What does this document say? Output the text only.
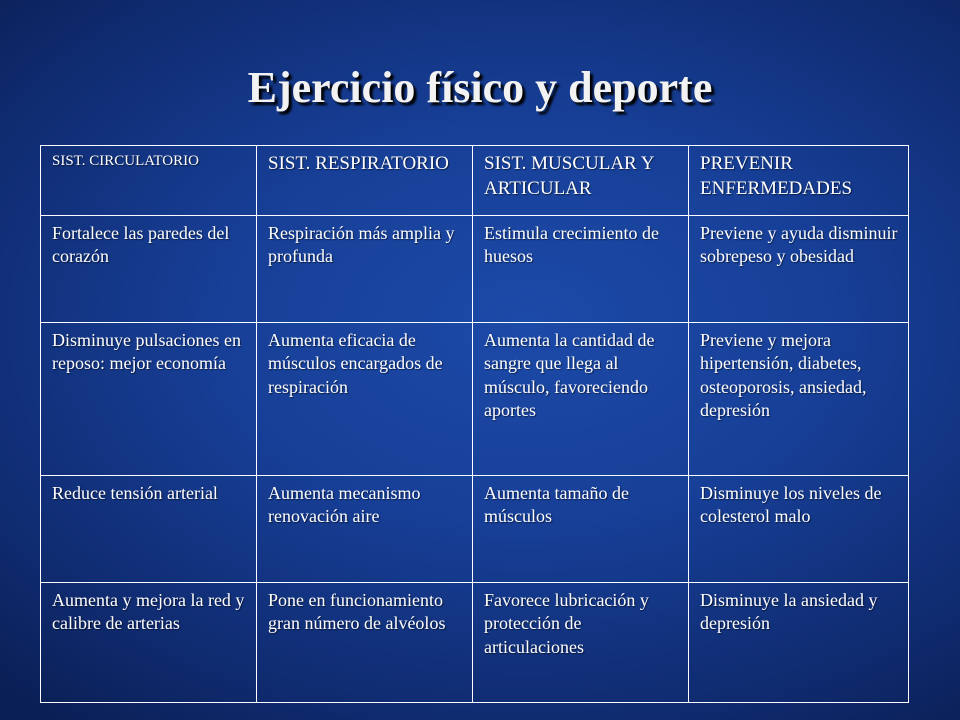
Ejercicio físico y deporte
SIST. CIRCULATORIO	SIST. RESPIRATORIO	SIST. MUSCULAR Y ARTICULAR	PREVENIR ENFERMEDADES
Fortalece las paredes del corazón	Respiración más amplia y profunda	Estimula crecimiento de huesos	Previene y ayuda disminuir sobrepeso y obesidad
Disminuye pulsaciones en reposo: mejor economía	Aumenta eficacia de músculos encargados de respiración	Aumenta la cantidad de sangre que llega al músculo, favoreciendo aportes	Previene y mejora hipertensión, diabetes, osteoporosis, ansiedad, depresión
Reduce tensión arterial	Aumenta mecanismo renovación aire	Aumenta tamaño de músculos	Disminuye los niveles de colesterol malo
Aumenta y mejora la red y calibre de arterias	Pone en funcionamiento gran número de alvéolos	Favorece lubricación y protección de articulaciones	Disminuye la ansiedad y depresión
